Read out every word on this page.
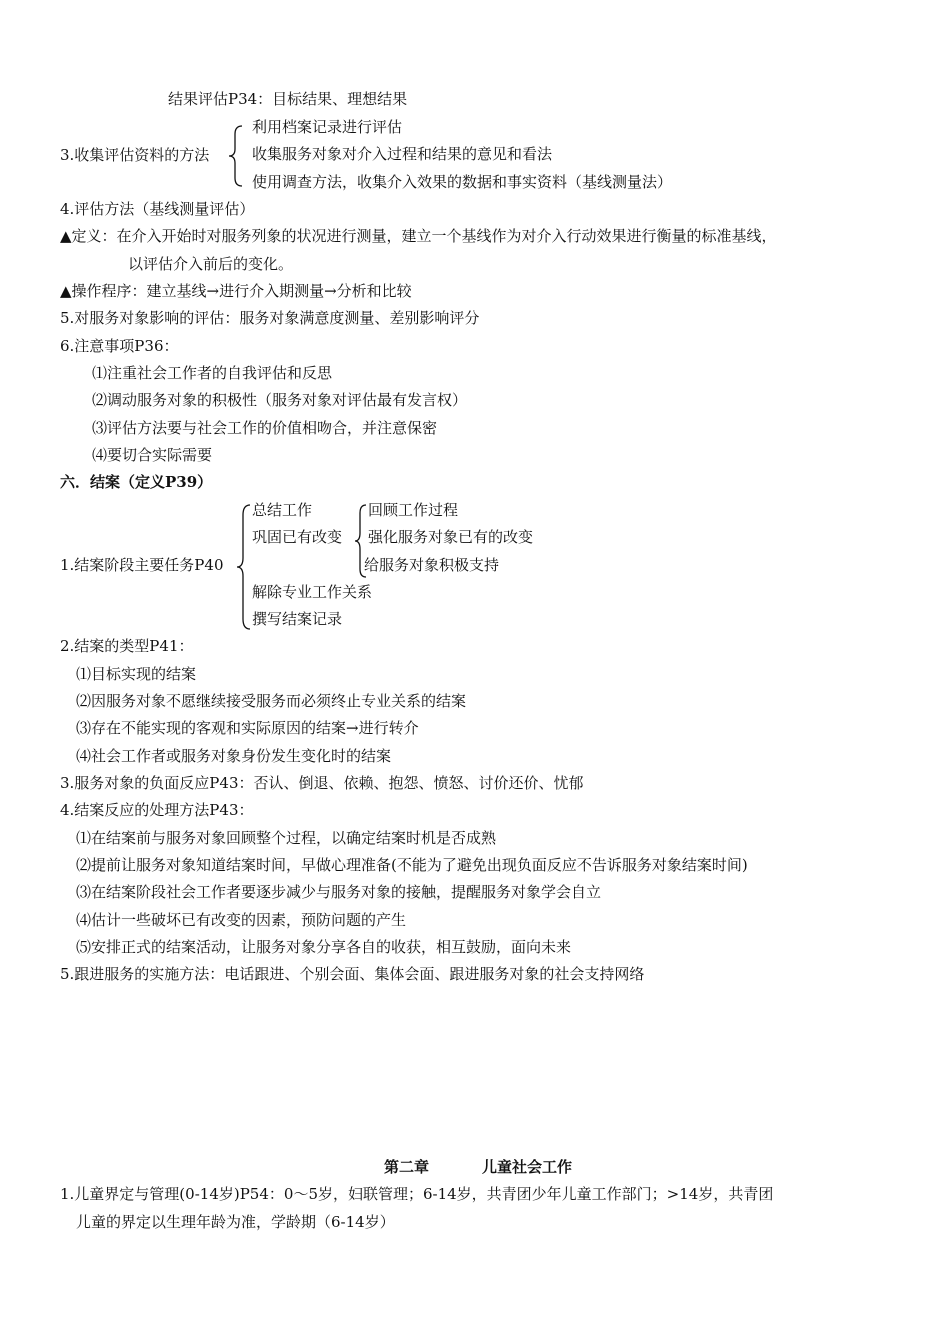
结果评估P34：目标结果、理想结果
3.收集评估资料的方法
利用档案记录进行评估
收集服务对象对介入过程和结果的意见和看法
使用调查方法，收集介入效果的数据和事实资料（基线测量法）
4.评估方法（基线测量评估）
▲定义：在介入开始时对服务列象的状况进行测量，建立一个基线作为对介入行动效果进行衡量的标准基线，
以评估介入前后的变化。
▲操作程序：建立基线→进行介入期测量→分析和比较
5.对服务对象影响的评估：服务对象满意度测量、差别影响评分
6.注意事项P36：
⑴注重社会工作者的自我评估和反思
⑵调动服务对象的积极性（服务对象对评估最有发言权）
⑶评估方法要与社会工作的价值相吻合，并注意保密
⑷要切合实际需要
六．结案（定义P39）
1.结案阶段主要任务P40
总结工作
巩固已有改变
解除专业工作关系
撰写结案记录
回顾工作过程
强化服务对象已有的改变
给服务对象积极支持
2.结案的类型P41：
⑴目标实现的结案
⑵因服务对象不愿继续接受服务而必须终止专业关系的结案
⑶存在不能实现的客观和实际原因的结案→进行转介
⑷社会工作者或服务对象身份发生变化时的结案
3.服务对象的负面反应P43：否认、倒退、依赖、抱怨、愤怒、讨价还价、忧郁
4.结案反应的处理方法P43：
⑴在结案前与服务对象回顾整个过程，以确定结案时机是否成熟
⑵提前让服务对象知道结案时间，早做心理准备(不能为了避免出现负面反应不告诉服务对象结案时间)
⑶在结案阶段社会工作者要逐步减少与服务对象的接触，提醒服务对象学会自立
⑷估计一些破坏已有改变的因素，预防问题的产生
⑸安排正式的结案活动，让服务对象分享各自的收获，相互鼓励，面向未来
5.跟进服务的实施方法：电话跟进、个别会面、集体会面、跟进服务对象的社会支持网络
第二章	儿童社会工作
1.儿童界定与管理(0-14岁)P54：0～5岁，妇联管理；6-14岁，共青团少年儿童工作部门；>14岁，共青团
儿童的界定以生理年龄为准，学龄期（6-14岁）
